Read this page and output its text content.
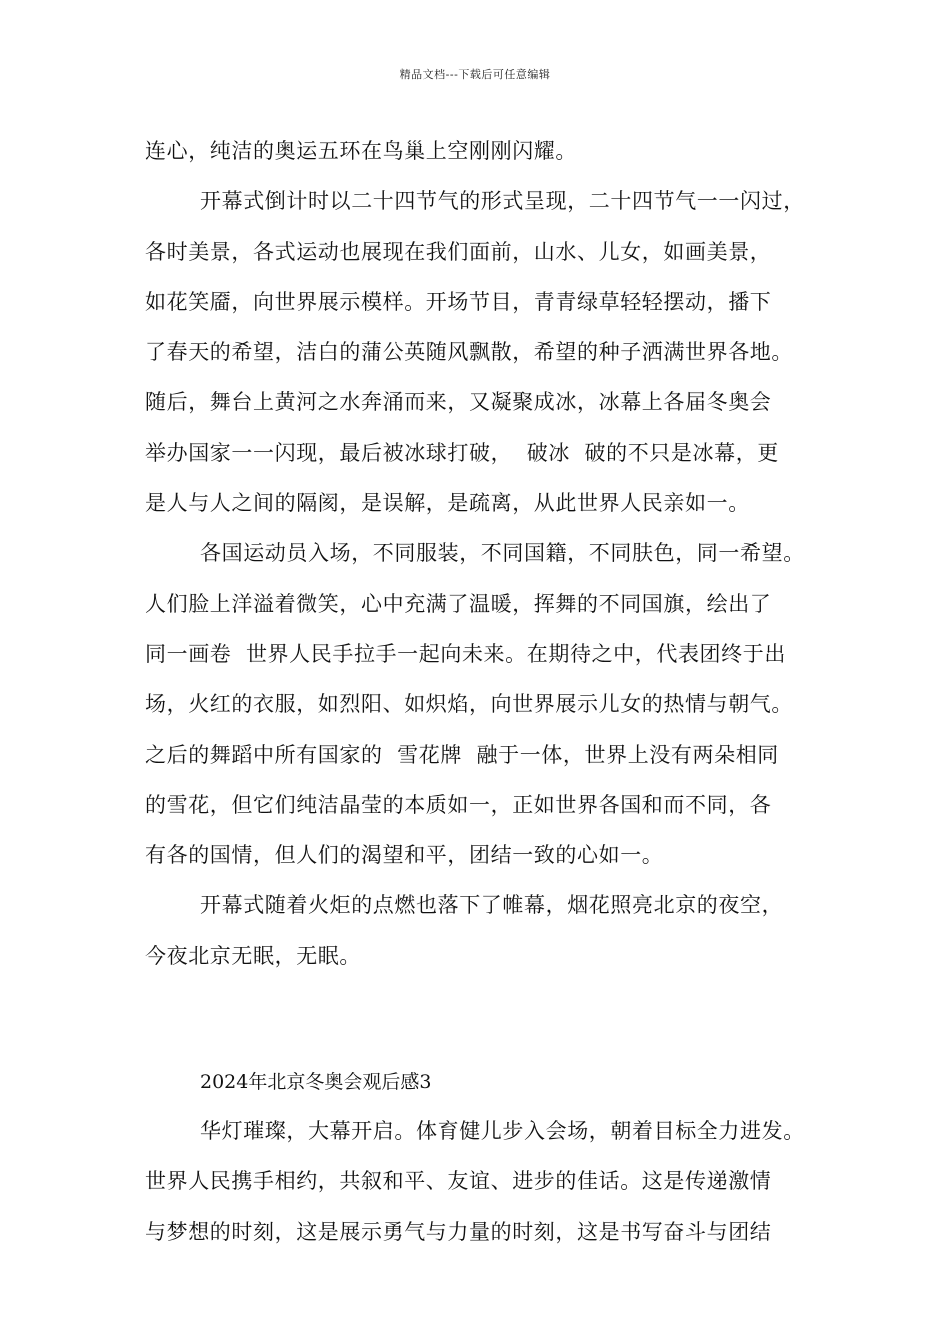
精品文档---下载后可任意编辑
连心，纯洁的奥运五环在鸟巢上空刚刚闪耀。
开幕式倒计时以二十四节气的形式呈现，二十四节气一一闪过，
各时美景，各式运动也展现在我们面前，山水、儿女，如画美景，
如花笑靥，向世界展示模样。开场节目，青青绿草轻轻摆动，播下
了春天的希望，洁白的蒲公英随风飘散，希望的种子洒满世界各地。
随后，舞台上黄河之水奔涌而来，又凝聚成冰，冰幕上各届冬奥会
举办国家一一闪现，最后被冰球打破，  破冰  破的不只是冰幕，更
是人与人之间的隔阂，是误解，是疏离，从此世界人民亲如一。
各国运动员入场，不同服装，不同国籍，不同肤色，同一希望。
人们脸上洋溢着微笑，心中充满了温暖，挥舞的不同国旗，绘出了
同一画卷  世界人民手拉手一起向未来。在期待之中，代表团终于出
场，火红的衣服，如烈阳、如炽焰，向世界展示儿女的热情与朝气。
之后的舞蹈中所有国家的  雪花牌  融于一体，世界上没有两朵相同
的雪花，但它们纯洁晶莹的本质如一，正如世界各国和而不同，各
有各的国情，但人们的渴望和平，团结一致的心如一。
开幕式随着火炬的点燃也落下了帷幕，烟花照亮北京的夜空，
今夜北京无眠，无眠。
2024年北京冬奥会观后感3
华灯璀璨，大幕开启。体育健儿步入会场，朝着目标全力进发。
世界人民携手相约，共叙和平、友谊、进步的佳话。这是传递激情
与梦想的时刻，这是展示勇气与力量的时刻，这是书写奋斗与团结
